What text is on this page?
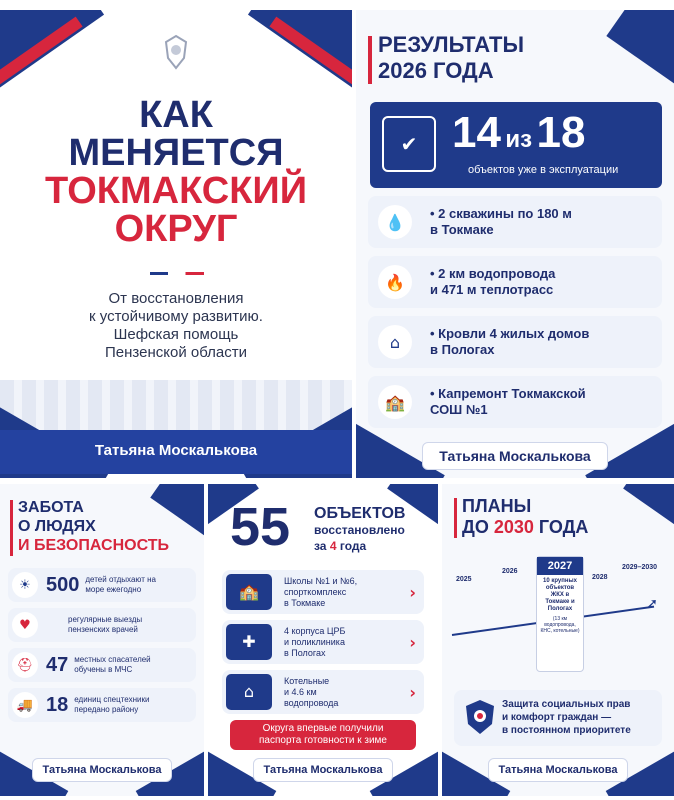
КАК
МЕНЯЕТСЯ
ТОКМАКСКИЙ
ОКРУГ
От восстановления
к устойчивому развитию.
Шефская помощь
Пензенской области
Татьяна Москалькова
РЕЗУЛЬТАТЫ
2026 ГОДА
✔ 14 из 18
объектов уже в эксплуатации
💧	• 2 скважины по 180 м
в Токмаке
🔥	• 2 км водопровода
и 471 м теплотрасс
⌂	• Кровли 4 жилых домов
в Пологах
🏫	• Капремонт Токмакской
СОШ №1
Татьяна Москалькова
ЗАБОТА
О ЛЮДЯХ
И БЕЗОПАСНОСТЬ
☀ 500 детей отдыхают на море ежегодно
♥	регулярные выезды пензенских врачей
⛑ 47 местных спасателей обучены в МЧС
🚚 18 единиц спецтехники передано району
Татьяна Москалькова
55 ОБЪЕКТОВ
восстановлено
за 4 года
🏫
Школы №1 и №6,
спорткомплекс
в Токмаке
›
✚
4 корпуса ЦРБ
и поликлиника
в Пологах
›
⌂
Котельные
и 4.6 км
водопровода
›
Округа впервые получили
паспорта готовности к зиме
Татьяна Москалькова
ПЛАНЫ
ДО 2030 ГОДА
2025
2026	2027
10 крупных объектов ЖКХ в Токмаке и Пологах
(13 км водопровода, КНС, котельные)
2028
2029–2030
➚
Защита социальных прав
и комфорт граждан —
в постоянном приоритете
Татьяна Москалькова
